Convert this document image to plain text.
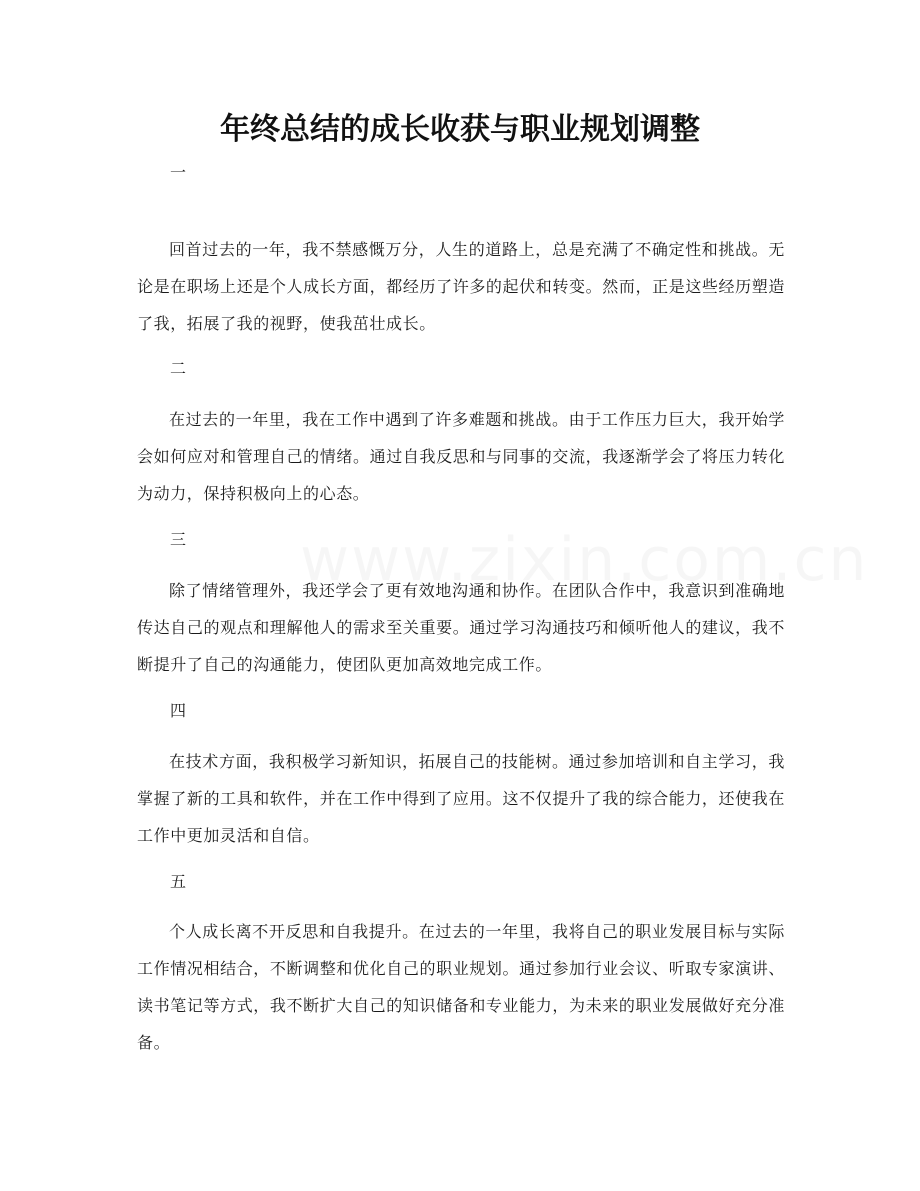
年终总结的成长收获与职业规划调整

一

回首过去的一年，我不禁感慨万分，人生的道路上，总是充满了不确定性和挑战。无论是在职场上还是个人成长方面，都经历了许多的起伏和转变。然而，正是这些经历塑造了我，拓展了我的视野，使我茁壮成长。

二

在过去的一年里，我在工作中遇到了许多难题和挑战。由于工作压力巨大，我开始学会如何应对和管理自己的情绪。通过自我反思和与同事的交流，我逐渐学会了将压力转化为动力，保持积极向上的心态。

三

除了情绪管理外，我还学会了更有效地沟通和协作。在团队合作中，我意识到准确地传达自己的观点和理解他人的需求至关重要。通过学习沟通技巧和倾听他人的建议，我不断提升了自己的沟通能力，使团队更加高效地完成工作。

四

在技术方面，我积极学习新知识，拓展自己的技能树。通过参加培训和自主学习，我掌握了新的工具和软件，并在工作中得到了应用。这不仅提升了我的综合能力，还使我在工作中更加灵活和自信。

五

个人成长离不开反思和自我提升。在过去的一年里，我将自己的职业发展目标与实际工作情况相结合，不断调整和优化自己的职业规划。通过参加行业会议、听取专家演讲、读书笔记等方式，我不断扩大自己的知识储备和专业能力，为未来的职业发展做好充分准备。
